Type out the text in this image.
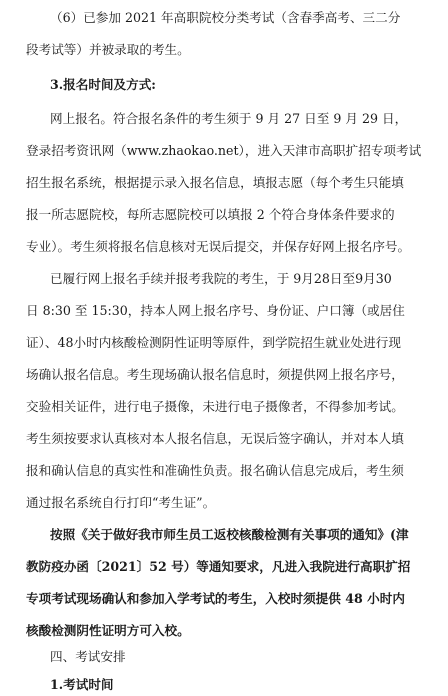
（6）已参加 2021 年高职院校分类考试（含春季高考、三二分
段考试等）并被录取的考生。
3.报名时间及方式:
网上报名。符合报名条件的考生须于 9 月 27 日至 9 月 29 日，
登录招考资讯网（www.zhaokao.net），进入天津市高职扩招专项考试
招生报名系统，根据提示录入报名信息，填报志愿（每个考生只能填
报一所志愿院校，每所志愿院校可以填报 2 个符合身体条件要求的
专业）。考生须将报名信息核对无误后提交，并保存好网上报名序号。
已履行网上报名手续并报考我院的考生，于 9月28日至9月30
日 8:30 至 15:30，持本人网上报名序号、身份证、户口簿（或居住
证）、48小时内核酸检测阴性证明等原件，到学院招生就业处进行现
场确认报名信息。考生现场确认报名信息时，须提供网上报名序号，
交验相关证件，进行电子摄像，未进行电子摄像者，不得参加考试。
考生须按要求认真核对本人报名信息，无误后签字确认，并对本人填
报和确认信息的真实性和准确性负责。报名确认信息完成后，考生须
通过报名系统自行打印“考生证”。
按照《关于做好我市师生员工返校核酸检测有关事项的通知》(津
教防疫办函〔2021〕52 号）等通知要求，凡进入我院进行高职扩招
专项考试现场确认和参加入学考试的考生，入校时须提供 48 小时内
核酸检测阴性证明方可入校。
四、考试安排
1.考试时间
